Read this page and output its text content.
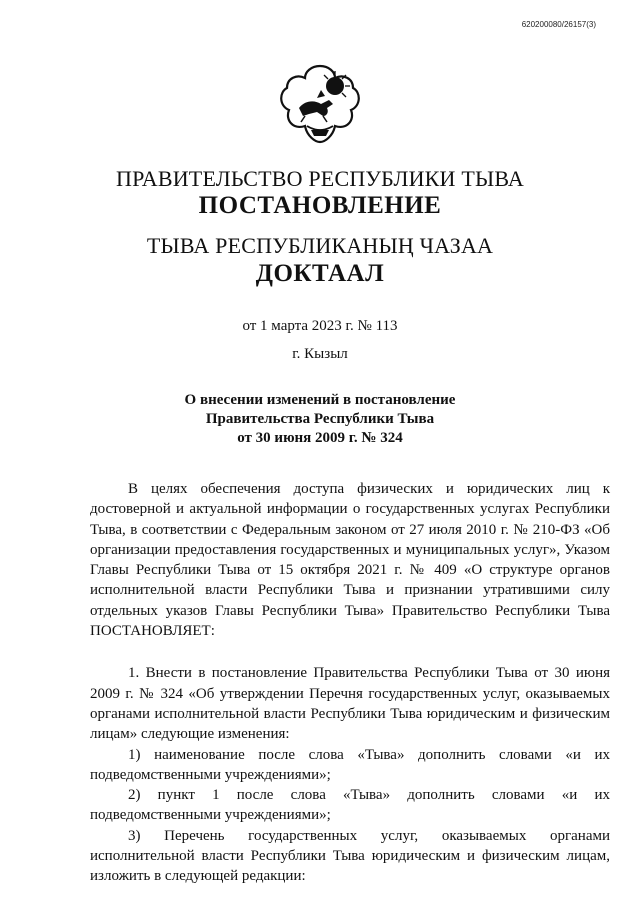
620200080/26157(3)
ПРАВИТЕЛЬСТВО РЕСПУБЛИКИ ТЫВА
ПОСТАНОВЛЕНИЕ
ТЫВА РЕСПУБЛИКАНЫҢ ЧАЗАА
ДОКТААЛ
от 1 марта 2023 г. № 113
г. Кызыл
О внесении изменений в постановление
Правительства Республики Тыва
от 30 июня 2009 г. № 324

В целях обеспечения доступа физических и юридических лиц к достоверной и актуальной информации о государственных услугах Республики Тыва, в соответствии с Федеральным законом от 27 июля 2010 г. № 210-ФЗ «Об организации предоставления государственных и муниципальных услуг», Указом Главы Республики Тыва от 15 октября 2021 г. № 409 «О структуре органов исполнительной власти Республики Тыва и признании утратившими силу отдельных указов Главы Республики Тыва» Правительство Республики Тыва ПОСТАНОВЛЯЕТ:

1. Внести в постановление Правительства Республики Тыва от 30 июня 2009 г. № 324 «Об утверждении Перечня государственных услуг, оказываемых органами исполнительной власти Республики Тыва юридическим и физическим лицам» следующие изменения:

1) наименование после слова «Тыва» дополнить словами «и их подведомственными учреждениями»;

2) пункт 1 после слова «Тыва» дополнить словами «и их подведомственными учреждениями»;

3) Перечень государственных услуг, оказываемых органами исполнительной власти Республики Тыва юридическим и физическим лицам, изложить в следующей редакции:
